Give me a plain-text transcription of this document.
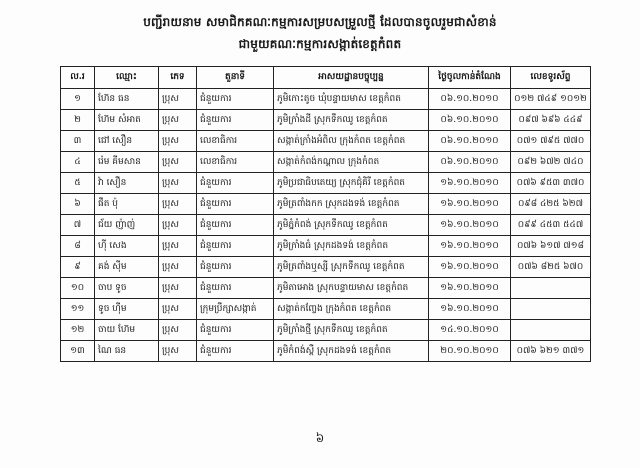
បញ្ជីរាយនាម សមាជិកគណៈកម្មការសម្របសម្រួលថ្មី ដែលបានចូលរួមជាសំខាន់
ជាមួយគណៈកម្មការសង្កាត់ខេត្តកំពត
ល.រ	ឈ្មោះ	ភេទ	តួនាទី	អាសយដ្ឋានបច្ចុប្បន្ន	ថ្ងៃចូលកាន់តំណែង	លេខទូរស័ព្ទ
១	ហ៊ែន ធន	ប្រុស	ជំនួយការ	ភូមិកោះតូច ឃុំបន្ទាយមាស ខេត្តកំពត	០៦.១០.២០១០	០១២ ៧៤៩ ១០១២
២	ហ៊ែម សំអាត	ប្រុស	ជំនួយការ	ភូមិក្រាំងដី ស្រុកទឹកឈូ ខេត្តកំពត	០៦.១០.២០១០	០៩៧ ៦៩៦ ៤៤៩
៣	ជៅ សឿន	ប្រុស	លេខាធិការ	សង្កាត់ក្រាំងអំពិល ក្រុងកំពត ខេត្តកំពត	០៦.១០.២០១០	០៧១ ៧៩៥ ៧៧០
៤	រ៉េម គីមសាន	ប្រុស	លេខាធិការ	សង្កាត់កំពង់កណ្ដាល ក្រុងកំពត	០៦.១០.២០១០	០៩២ ៦៧២ ៧៤០
៥	វ៉ា សឿន	ប្រុស	ជំនួយការ	ភូមិប្រជាធិបតេយ្យ ស្រុកជុំគិរី ខេត្តកំពត	១៦.១០.២០១០	០៧៦ ៩៥៣ ៣៧០
៦	ផឹត ប៉ុ	ប្រុស	ជំនួយការ	ភូមិត្រពាំងកក ស្រុកដងទង់ ខេត្តកំពត	១៦.១០.២០១០	០៩៨ ៤២៥ ៦២៧
៧	ជ័យ ញ៉ាញ់	ប្រុស	ជំនួយការ	ភូមិភ្នំកំពង់ ស្រុកទឹកឈូ ខេត្តកំពត	១៦.១០.២០១០	០៩៩ ៤៥៣ ៥៤៧
៨	ហ៊ី សេង	ប្រុស	ជំនួយការ	ភូមិក្រាំងធំ ស្រុកដងទង់ ខេត្តកំពត	១៦.១០.២០១០	០៧៦ ៦១៧ ៧១៨
៩	គង់ ស៊ីម	ប្រុស	ជំនួយការ	ភូមិត្រពាំងឬស្សី ស្រុកទឹកឈូ ខេត្តកំពត	១៦.១០.២០១០	០៧៦ ៨២៥ ៦៧០
១០	ចាប ទូច	ប្រុស	ជំនួយការ	ភូមិតាអោង ស្រុកបន្ទាយមាស ខេត្តកំពត	១៦.១០.២០១០	
១១	ទូច ហ៊ីម	ប្រុស	ក្រុមប្រឹក្សាសង្កាត់	សង្កាត់កញ្ចែង ក្រុងកំពត ខេត្តកំពត	១៦.១០.២០១០	
១២	ចាយ ហ៊ែម	ប្រុស	ជំនួយការ	ភូមិក្រាំងថ្មី ស្រុកទឹកឈូ ខេត្តកំពត	១៤.១០.២០១០	
១៣	ណៃ ធន	ប្រុស	ជំនួយការ	ភូមិកំពង់ស្ពឺ ស្រុកដងទង់ ខេត្តកំពត	២០.១០.២០១០	០៧៦ ៦២១ ៣៧១
៦
